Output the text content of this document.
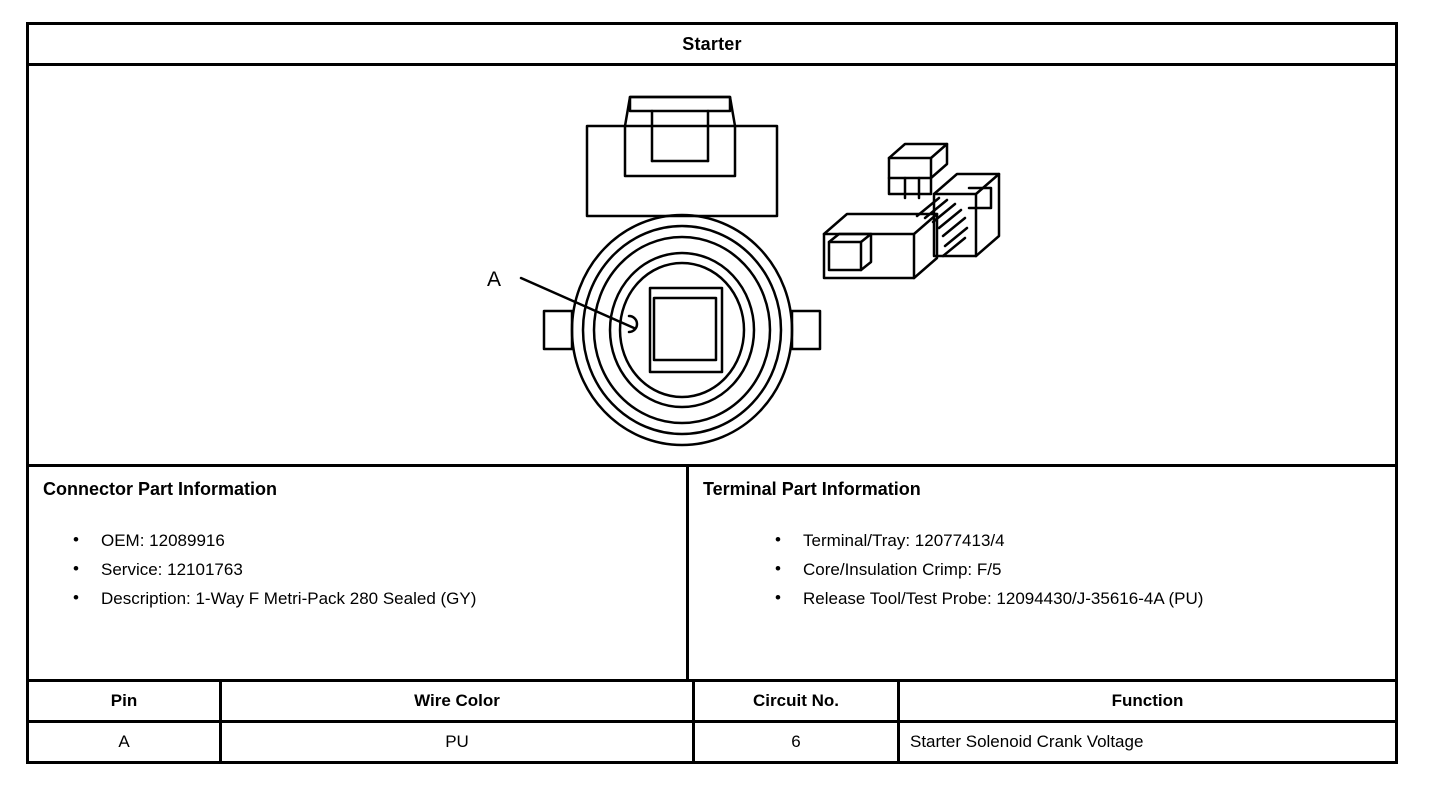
Starter
A
Connector Part Information
• OEM: 12089916
• Service: 12101763
• Description: 1-Way F Metri-Pack 280 Sealed (GY)
Terminal Part Information
• Terminal/Tray: 12077413/4
• Core/Insulation Crimp: F/5
• Release Tool/Test Probe: 12094430/J-35616-4A (PU)
Pin	Wire Color	Circuit No.	Function
A	PU	6	Starter Solenoid Crank Voltage
